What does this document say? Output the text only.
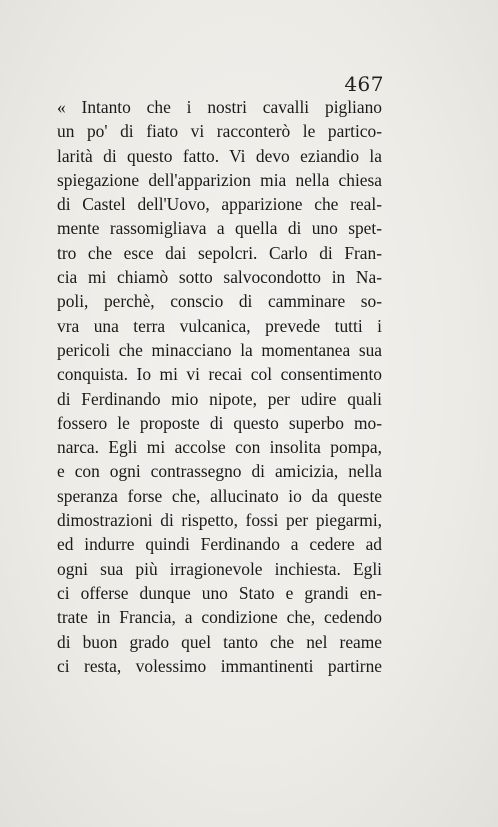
467
« Intanto che i nostri cavalli pigliano
un po' di fiato vi racconterò le partico-
larità di questo fatto. Vi devo eziandio la
spiegazione dell'apparizion mia nella chiesa
di Castel dell'Uovo, apparizione che real-
mente rassomigliava a quella di uno spet-
tro che esce dai sepolcri. Carlo di Fran-
cia mi chiamò sotto salvocondotto in Na-
poli, perchè, conscio di camminare so-
vra una terra vulcanica, prevede tutti i
pericoli che minacciano la momentanea sua
conquista. Io mi vi recai col consentimento
di Ferdinando mio nipote, per udire quali
fossero le proposte di questo superbo mo-
narca. Egli mi accolse con insolita pompa,
e con ogni contrassegno di amicizia, nella
speranza forse che, allucinato io da queste
dimostrazioni di rispetto, fossi per piegarmi,
ed indurre quindi Ferdinando a cedere ad
ogni sua più irragionevole inchiesta. Egli
ci offerse dunque uno Stato e grandi en-
trate in Francia, a condizione che, cedendo
di buon grado quel tanto che nel reame
ci resta, volessimo immantinenti partirne
